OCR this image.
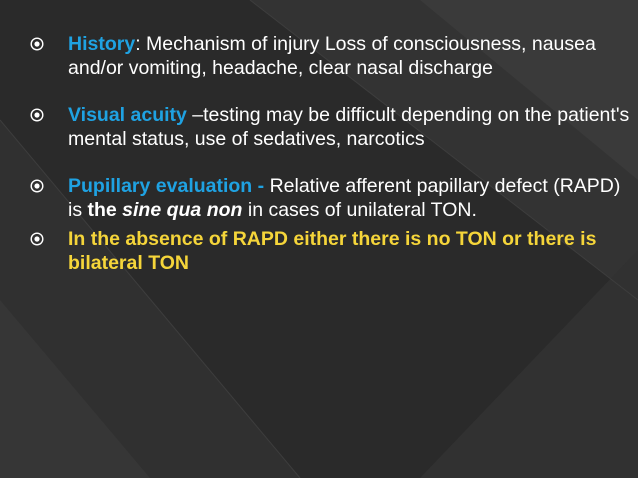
History: Mechanism of injury Loss of consciousness, nausea and/or vomiting, headache, clear nasal discharge
Visual acuity –testing may be difficult depending on the patient's mental status, use of sedatives, narcotics
Pupillary evaluation - Relative afferent papillary defect (RAPD) is the sine qua non in cases of unilateral TON.
In the absence of RAPD either there is no TON or there is bilateral TON
